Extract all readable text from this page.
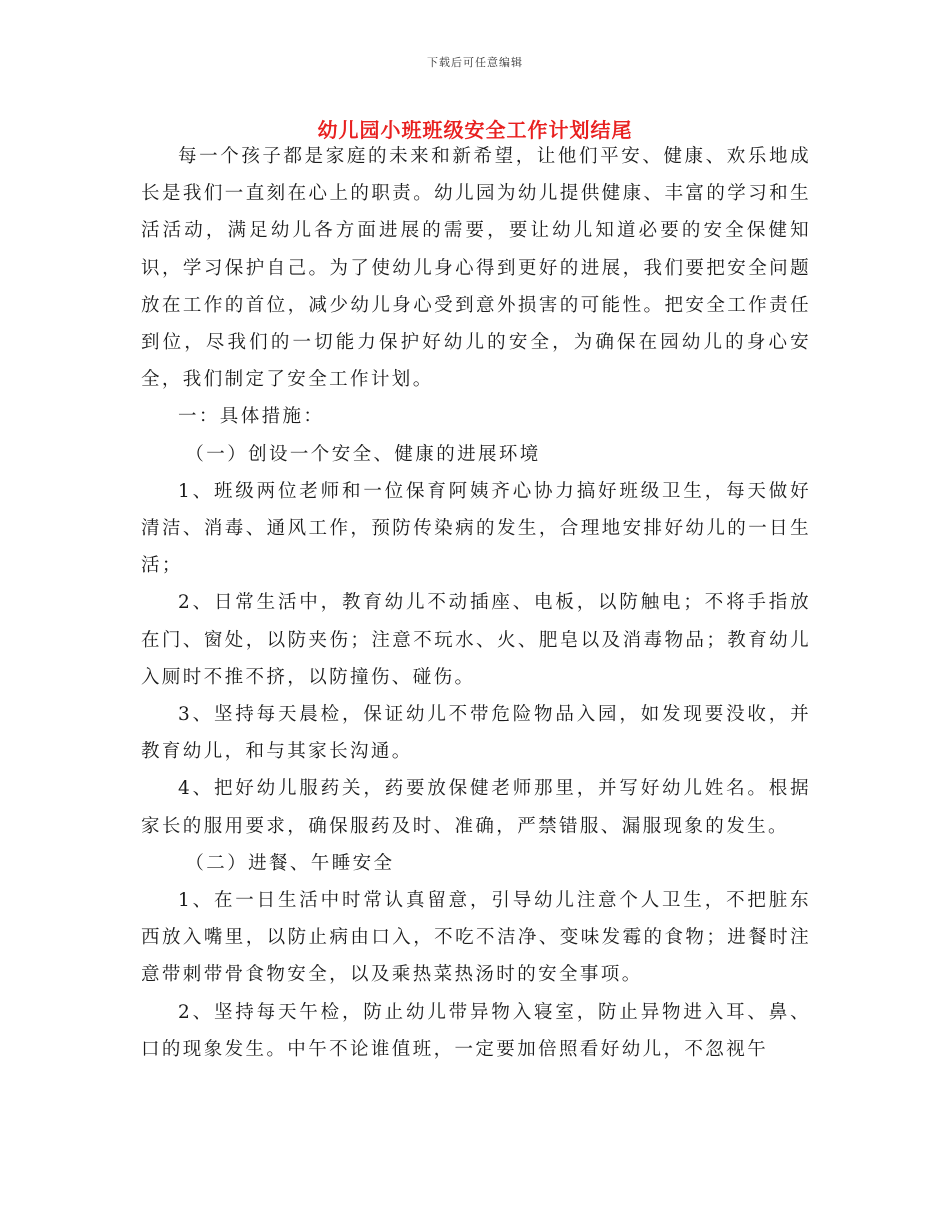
下载后可任意编辑
幼儿园小班班级安全工作计划结尾

每一个孩子都是家庭的未来和新希望，让他们平安、健康、欢乐地成长是我们一直刻在心上的职责。幼儿园为幼儿提供健康、丰富的学习和生活活动，满足幼儿各方面进展的需要，要让幼儿知道必要的安全保健知识，学习保护自己。为了使幼儿身心得到更好的进展，我们要把安全问题放在工作的首位，减少幼儿身心受到意外损害的可能性。把安全工作责任到位，尽我们的一切能力保护好幼儿的安全，为确保在园幼儿的身心安全，我们制定了安全工作计划。

一：具体措施：

（一）创设一个安全、健康的进展环境

1、班级两位老师和一位保育阿姨齐心协力搞好班级卫生，每天做好清洁、消毒、通风工作，预防传染病的发生，合理地安排好幼儿的一日生活；

2、日常生活中，教育幼儿不动插座、电板，以防触电；不将手指放在门、窗处，以防夹伤；注意不玩水、火、肥皂以及消毒物品；教育幼儿入厕时不推不挤，以防撞伤、碰伤。

3、坚持每天晨检，保证幼儿不带危险物品入园，如发现要没收，并教育幼儿，和与其家长沟通。

4、把好幼儿服药关，药要放保健老师那里，并写好幼儿姓名。根据家长的服用要求，确保服药及时、准确，严禁错服、漏服现象的发生。

（二）进餐、午睡安全

1、在一日生活中时常认真留意，引导幼儿注意个人卫生，不把脏东西放入嘴里，以防止病由口入，不吃不洁净、变味发霉的食物；进餐时注意带刺带骨食物安全，以及乘热菜热汤时的安全事项。

2、坚持每天午检，防止幼儿带异物入寝室，防止异物进入耳、鼻、口的现象发生。中午不论谁值班，一定要加倍照看好幼儿，不忽视午
